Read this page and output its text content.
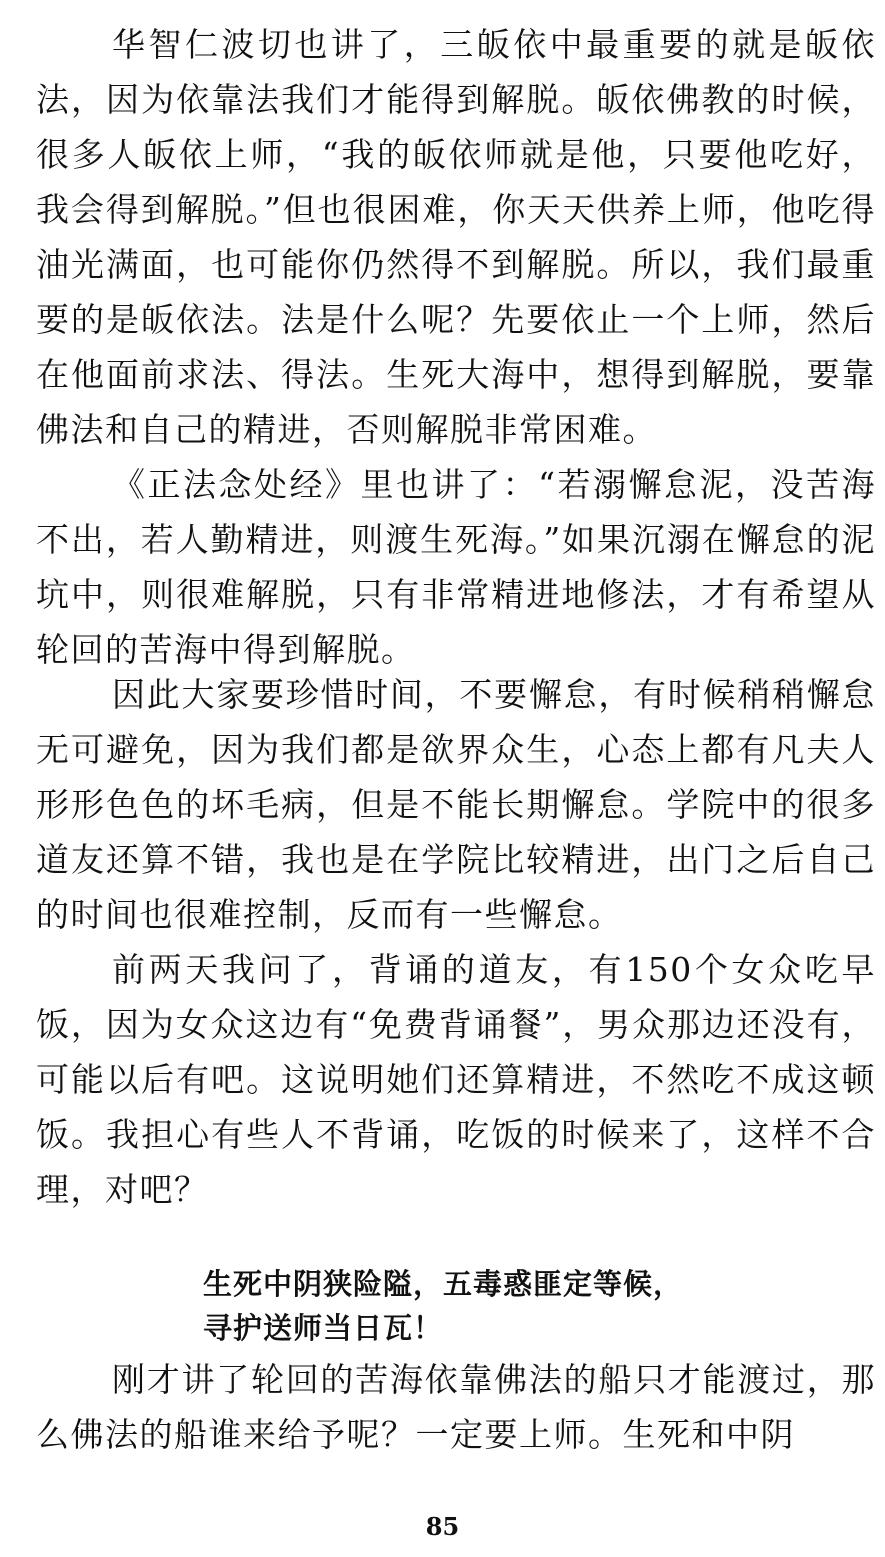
华智仁波切也讲了，三皈依中最重要的就是皈依法，因为依靠法我们才能得到解脱。皈依佛教的时候，很多人皈依上师，“我的皈依师就是他，只要他吃好，我会得到解脱。”但也很困难，你天天供养上师，他吃得油光满面，也可能你仍然得不到解脱。所以，我们最重要的是皈依法。法是什么呢？先要依止一个上师，然后在他面前求法、得法。生死大海中，想得到解脱，要靠佛法和自己的精进，否则解脱非常困难。

《正法念处经》里也讲了：“若溺懈怠泥，没苦海不出，若人勤精进，则渡生死海。”如果沉溺在懈怠的泥坑中，则很难解脱，只有非常精进地修法，才有希望从轮回的苦海中得到解脱。

因此大家要珍惜时间，不要懈怠，有时候稍稍懈怠无可避免，因为我们都是欲界众生，心态上都有凡夫人形形色色的坏毛病，但是不能长期懈怠。学院中的很多道友还算不错，我也是在学院比较精进，出门之后自己的时间也很难控制，反而有一些懈怠。

前两天我问了，背诵的道友，有150个女众吃早饭，因为女众这边有“免费背诵餐”，男众那边还没有，可能以后有吧。这说明她们还算精进，不然吃不成这顿饭。我担心有些人不背诵，吃饭的时候来了，这样不合理，对吧？

生死中阴狭险隘，五毒惑匪定等候，
寻护送师当日瓦！

刚才讲了轮回的苦海依靠佛法的船只才能渡过，那么佛法的船谁来给予呢？一定要上师。生死和中阴

85
